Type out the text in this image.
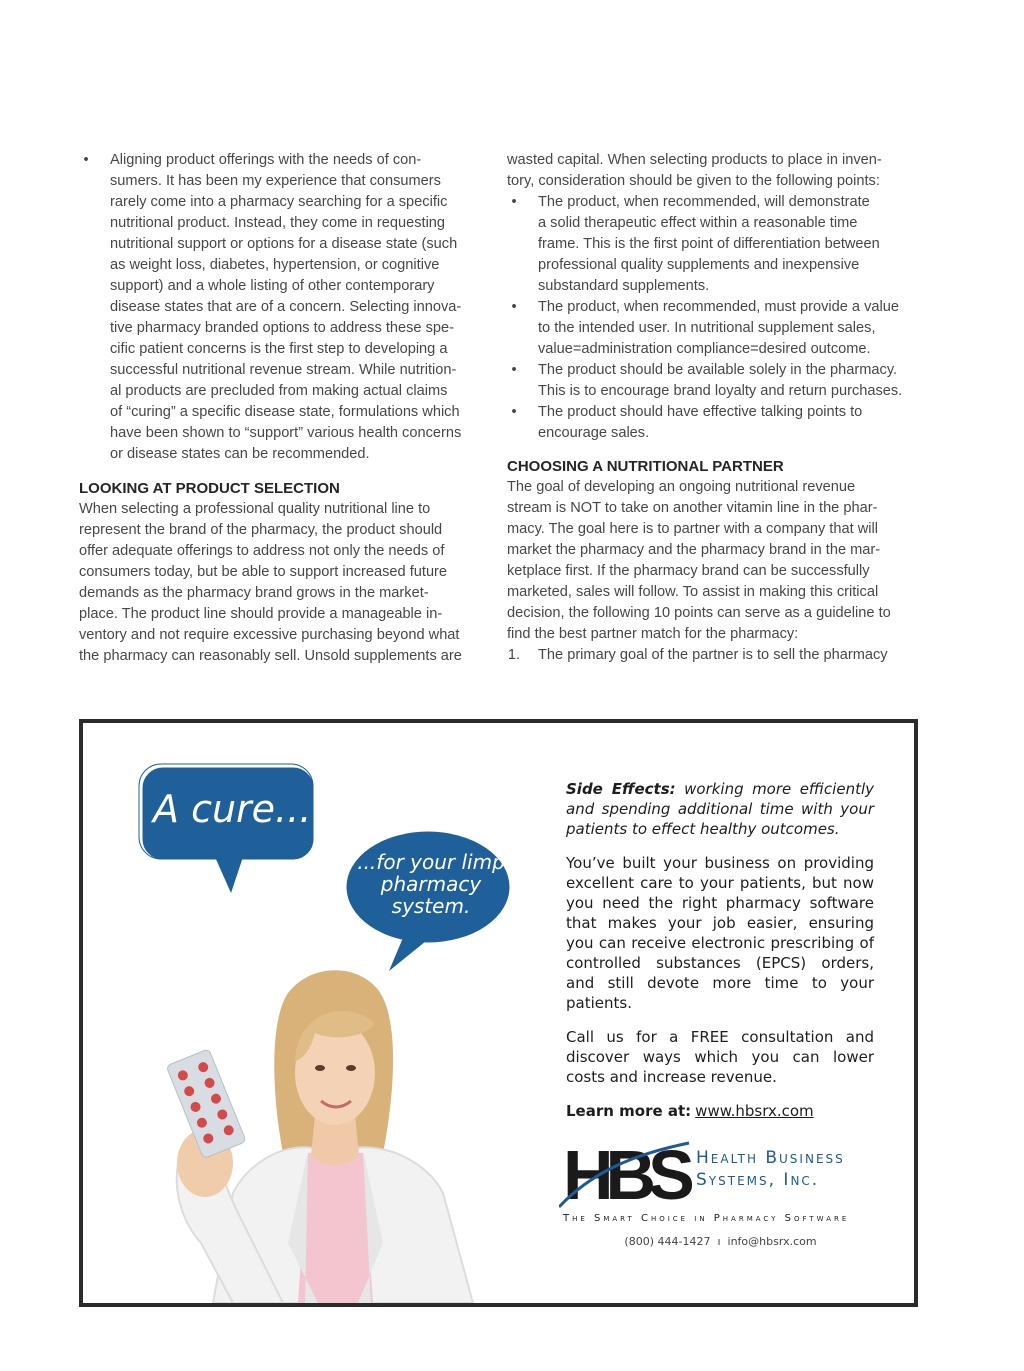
•	Aligning product offerings with the needs of con-

sumers. It has been my experience that consumers

rarely come into a pharmacy searching for a specific

nutritional product. Instead, they come in requesting

nutritional support or options for a disease state (such

as weight loss, diabetes, hypertension, or cognitive

support) and a whole listing of other contemporary

disease states that are of a concern. Selecting innova-

tive pharmacy branded options to address these spe-

cific patient concerns is the first step to developing a

successful nutritional revenue stream. While nutrition-

al products are precluded from making actual claims

of “curing” a specific disease state, formulations which

have been shown to “support” various health concerns

or disease states can be recommended.

LOOKING AT PRODUCT SELECTION

When selecting a professional quality nutritional line to

represent the brand of the pharmacy, the product should

offer adequate offerings to address not only the needs of

consumers today, but be able to support increased future

demands as the pharmacy brand grows in the market-

place. The product line should provide a manageable in-

ventory and not require excessive purchasing beyond what

the pharmacy can reasonably sell. Unsold supplements are

wasted capital. When selecting products to place in inven-

tory, consideration should be given to the following points:

•	The product, when recommended, will demonstrate

a solid therapeutic effect within a reasonable time

frame. This is the first point of differentiation between

professional quality supplements and inexpensive

substandard supplements.

•	The product, when recommended, must provide a value

to the intended user. In nutritional supplement sales,

value=administration compliance=desired outcome.

•	The product should be available solely in the pharmacy.

This is to encourage brand loyalty and return purchases.

•	The product should have effective talking points to

encourage sales.

CHOOSING A NUTRITIONAL PARTNER

The goal of developing an ongoing nutritional revenue

stream is NOT to take on another vitamin line in the phar-

macy. The goal here is to partner with a company that will

market the pharmacy and the pharmacy brand in the mar-

ketplace first. If the pharmacy brand can be successfully

marketed, sales will follow. To assist in making this critical

decision, the following 10 points can serve as a guideline to

find the best partner match for the pharmacy:

1. The primary goal of the partner is to sell the pharmacy

A cure...
...for your limp
pharmacy
system.

Side Effects: working more efficiently and spending additional time with your patients to effect healthy outcomes.

You’ve built your business on providing excellent care to your patients, but now you need the right pharmacy software that makes your job easier, ensuring you can receive electronic prescribing of controlled substances (EPCS) orders, and still devote more time to your patients.

Call us for a FREE consultation and discover ways which you can lower costs and increase revenue.

Learn more at: www.hbsrx.com

HBS Health Business
Systems, Inc.
The Smart Choice in Pharmacy Software
(800) 444-1427 ı info@hbsrx.com
